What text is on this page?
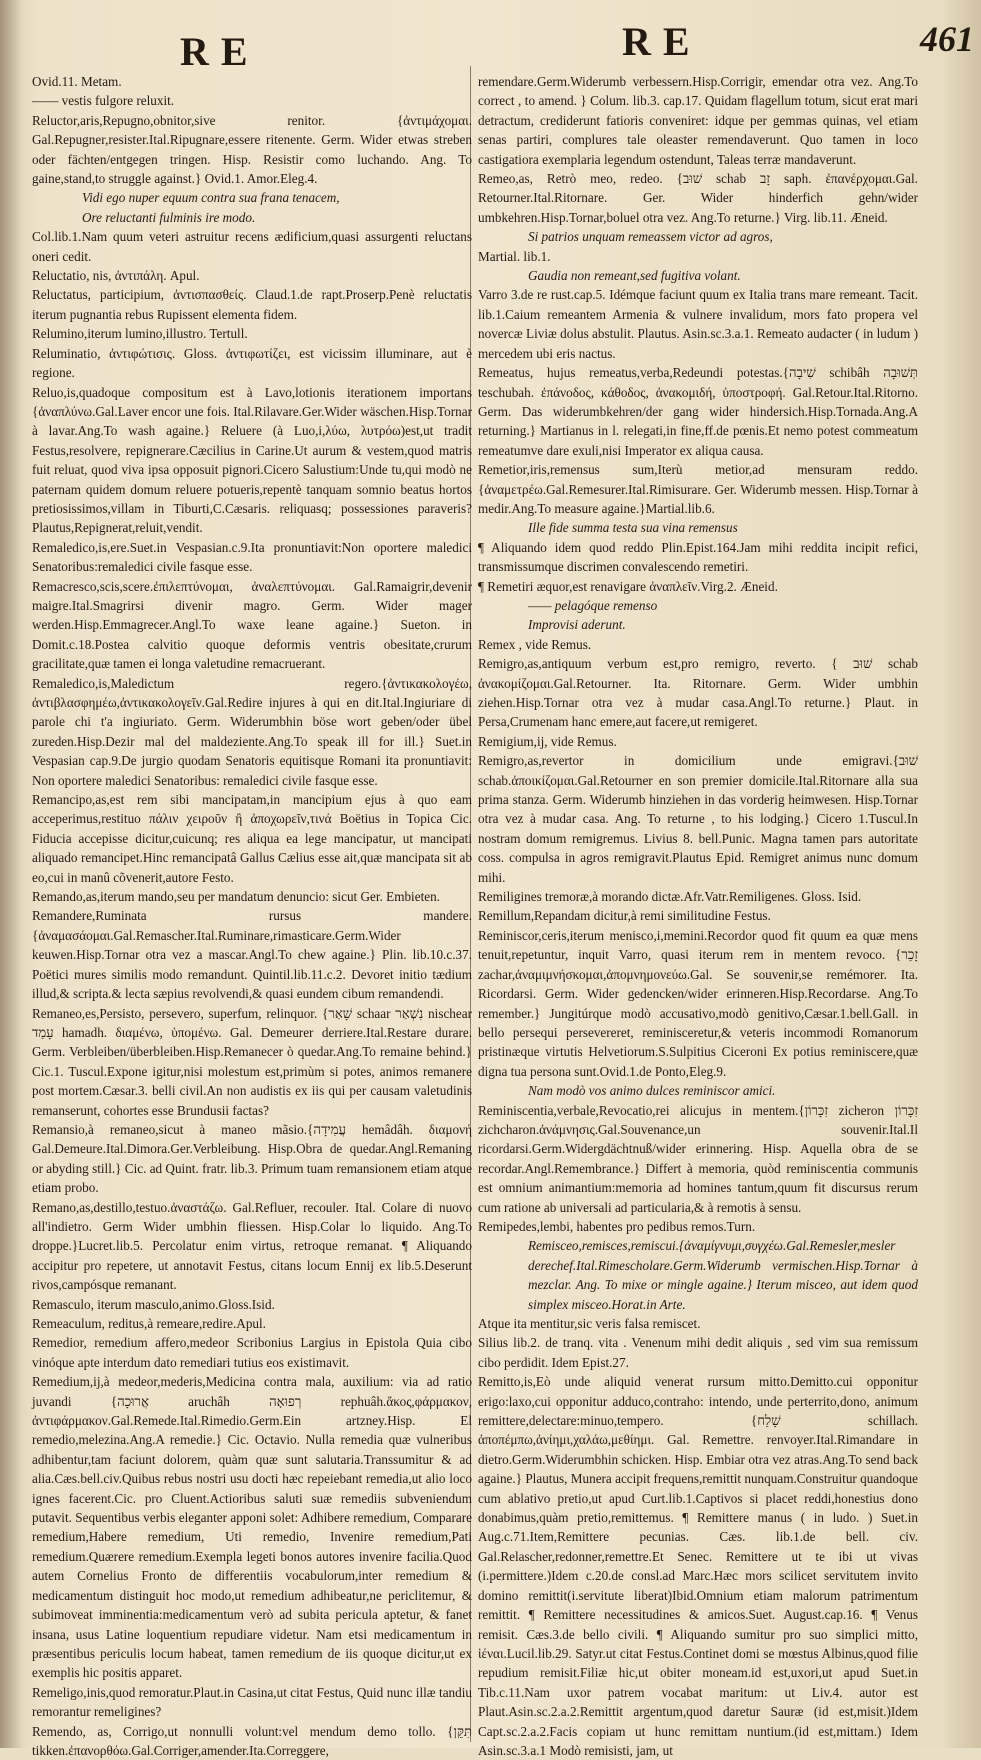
RE	RE	461

Ovid.11. Metam.

—— vestis fulgore reluxit.

Reluctor,aris,Repugno,obnitor,sive renitor. {ἀντιμάχομαι. Gal.Repugner,resister.Ital.Ripugnare,essere ritenente. Germ. Wider etwas streben oder fächten/entgegen tringen. Hisp. Resistir como luchando. Ang. To gaine,stand,to struggle against.} Ovid.1. Amor.Eleg.4.

Vidi ego nuper equum contra sua frana tenacem,

Ore reluctanti fulminis ire modo.

Col.lib.1.Nam quum veteri astruitur recens ædificium,quasi assurgenti reluctans oneri cedit.

Reluctatio, nis, ἀντιπάλη. Apul.

Reluctatus, participium, ἀντισπασθείς. Claud.1.de rapt.Proserp.Penè reluctatis iterum pugnantia rebus Rupissent elementa fidem.

Relumino,iterum lumino,illustro. Tertull.

Reluminatio, ἀντιφώτισις. Gloss. ἀντιφωτίζει, est vicissim illuminare, aut è regione.

Reluo,is,quadoque compositum est à Lavo,lotionis iterationem importans {ἀναπλύνω.Gal.Laver encor une fois. Ital.Rilavare.Ger.Wider wäschen.Hisp.Tornar à lavar.Ang.To wash againe.} Reluere (à Luo,i,λύω, λυτρόω)est,ut tradit Festus,resolvere, repignerare.Cæcilius in Carine.Ut aurum & vestem,quod matris fuit reluat, quod viva ipsa opposuit pignori.Cicero Salustium:Unde tu,qui modò ne paternam quidem domum reluere potueris,repentè tanquam somnio beatus hortos pretiosissimos,villam in Tiburti,C.Cæsaris. reliquasq; possessiones paraveris?Plautus,Repignerat,reluit,vendit.

Remaledico,is,ere.Suet.in Vespasian.c.9.Ita pronuntiavit:Non oportere maledici Senatoribus:remaledici civile fasque esse.

Remacresco,scis,scere.ἐπιλεπτύνομαι, ἀναλεπτύνομαι. Gal.Ramaigrir,devenir maigre.Ital.Smagrirsi divenir magro. Germ. Wider mager werden.Hisp.Emmagrecer.Angl.To waxe leane againe.} Sueton. in Domit.c.18.Postea calvitio quoque deformis ventris obesitate,crurum gracilitate,quæ tamen ei longa valetudine remacruerant.

Remaledico,is,Maledictum regero.{ἀντικακολογέω, ἀντιβλασφημέω,ἀντικακολογεῖν.Gal.Redire injures à qui en dit.Ital.Ingiuriare di parole chi t'a ingiuriato. Germ. Widerumbhin böse wort geben/oder übel zureden.Hisp.Dezir mal del maldeziente.Ang.To speak ill for ill.} Suet.in Vespasian cap.9.De jurgio quodam Senatoris equitisque Romani ita pronuntiavit: Non oportere maledici Senatoribus: remaledici civile fasque esse.

Remancipo,as,est rem sibi mancipatam,in mancipium ejus à quo eam acceperimus,restituo πάλιν χειροῦν ἢ ἀποχωρεῖν,τινά Boëtius in Topica Cic. Fiducia accepisse dicitur,cuicunq; res aliqua ea lege mancipatur, ut mancipati aliquado remancipet.Hinc remancipatâ Gallus Cælius esse ait,quæ mancipata sit ab eo,cui in manû cõvenerit,autore Festo.

Remando,as,iterum mando,seu per mandatum denuncio: sicut Ger. Embieten.

Remandere,Ruminata rursus mandere.{ἀναμασάομαι.Gal.Remascher.Ital.Ruminare,rimasticare.Germ.Wider keuwen.Hisp.Tornar otra vez a mascar.Angl.To chew againe.} Plin. lib.10.c.37. Poëtici mures similis modo remandunt. Quintil.lib.11.c.2. Devoret initio tædium illud,& scripta.& lecta sæpius revolvendi,& quasi eundem cibum remandendi.

Remaneo,es,Persisto, persevero, superfum, relinquor. {שָׁאַר schaar נִשְׁאַר nischear עָמַד hamadh. διαμένω, ὑπομένω. Gal. Demeurer derriere.Ital.Restare durare. Germ. Verbleiben/überbleiben.Hisp.Remanecer ò quedar.Ang.To remaine behind.} Cic.1. Tuscul.Expone igitur,nisi molestum est,primùm si potes, animos remanere post mortem.Cæsar.3. belli civil.An non audistis ex iis qui per causam valetudinis remanserunt, cohortes esse Brundusii factas?

Remansio,à remaneo,sicut à maneo mãsio.{עֲמִידָה hemâdâh. διαμονή Gal.Demeure.Ital.Dimora.Ger.Verbleibung. Hisp.Obra de quedar.Angl.Remaning or abyding still.} Cic. ad Quint. fratr. lib.3. Primum tuam remansionem etiam atque etiam probo.

Remano,as,destillo,testuo.ἀναστάζω. Gal.Refluer, recouler. Ital. Colare di nuovo all'indietro. Germ Wider umbhin fliessen. Hisp.Colar lo liquido. Ang.To droppe.}Lucret.lib.5. Percolatur enim virtus, retroque remanat. ¶ Aliquando accipitur pro repetere, ut annotavit Festus, citans locum Ennij ex lib.5.Deserunt rivos,campósque remanant.

Remasculo, iterum masculo,animo.Gloss.Isid.

Remeaculum, reditus,à remeare,redire.Apul.

Remedior, remedium affero,medeor Scribonius Largius in Epistola Quia cibo vinóque apte interdum dato remediari tutius eos existimavit.

Remedium,ij,à medeor,mederis,Medicina contra mala, auxilium: via ad ratio juvandi {אֲרוּכָה aruchâh רְפוּאָה rephuâh.ἄκος,φάρμακον, ἀντιφάρμακον.Gal.Remede.Ital.Rimedio.Germ.Ein artzney.Hisp. El remedio,melezina.Ang.A remedie.} Cic. Octavio. Nulla remedia quæ vulneribus adhibentur,tam faciunt dolorem, quàm quæ sunt salutaria.Transsumitur & ad alia.Cæs.bell.civ.Quibus rebus nostri usu docti hæc repeiebant remedia,ut alio loco ignes facerent.Cic. pro Cluent.Actioribus saluti suæ remediis subveniendum putavit. Sequentibus verbis eleganter apponi solet: Adhibere remedium, Comparare remedium,Habere remedium, Uti remedio, Invenire remedium,Pati remedium.Quærere remedium.Exempla legeti bonos autores invenire facilia.Quod autem Cornelius Fronto de differentiis vocabulorum,inter remedium & medicamentum distinguit hoc modo,ut remedium adhibeatur,ne periclitemur, & subimoveat imminentia:medicamentum verò ad subita pericula aptetur, & fanet insana, usus Latine loquentium repudiare videtur. Nam etsi medicamentum in præsentibus periculis locum habeat, tamen remedium de iis quoque dicitur,ut ex exemplis hic positis apparet.

Remeligo,inis,quod remoratur.Plaut.in Casina,ut citat Festus, Quid nunc illæ tandiu remorantur remeligines?

Remendo, as, Corrigo,ut nonnulli volunt:vel mendum demo tollo. {תִּקֵּן tikken.ἐπανορθόω.Gal.Corriger,amender.Ita.Correggere,

remendare.Germ.Widerumb verbessern.Hisp.Corrigir, emendar otra vez. Ang.To correct , to amend. } Colum. lib.3. cap.17. Quidam flagellum totum, sicut erat mari detractum, crediderunt fatioris conveniret: idque per gemmas quinas, vel etiam senas partiri, complures tale oleaster remendaverunt. Quo tamen in loco castigatiora exemplaria legendum ostendunt, Taleas terræ mandaverunt.

Remeo,as, Retrò meo, redeo. {שׁוּב schab זָב saph. ἐπανέρχομαι.Gal. Retourner.Ital.Ritornare. Ger. Wider hinderfich gehn/wider umbkehren.Hisp.Tornar,boluel otra vez. Ang.To returne.} Virg. lib.11. Æneid.

Si patrios unquam remeassem victor ad agros,

Martial. lib.1.

Gaudia non remeant,sed fugitiva volant.

Varro 3.de re rust.cap.5. Idémque faciunt quum ex Italia trans mare remeant. Tacit. lib.1.Caium remeantem Armenia & vulnere invalidum, mors fato propera vel novercæ Liviæ dolus abstulit. Plautus. Asin.sc.3.a.1. Remeato audacter ( in ludum ) mercedem ubi eris nactus.

Remeatus, hujus remeatus,verba,Redeundi potestas.{שִׁיבָה schibâh תְּשׁוּבָה teschubah. ἐπάνοδος, κάθοδος, ἀνακομιδή, ὑποστροφή. Gal.Retour.Ital.Ritorno. Germ. Das widerumbkehren/der gang wider hindersich.Hisp.Tornada.Ang.A returning.} Martianus in l. relegati,in fine,ff.de pœnis.Et nemo potest commeatum remeatumve dare exuli,nisi Imperator ex aliqua causa.

Remetior,iris,remensus sum,Iterù metior,ad mensuram reddo. {ἀναμετρέω.Gal.Remesurer.Ital.Rimisurare. Ger. Widerumb messen. Hisp.Tornar à medir.Ang.To measure againe.}Martial.lib.6.

Ille fide summa testa sua vina remensus

¶ Aliquando idem quod reddo Plin.Epist.164.Jam mihi reddita incipit refici, transmissumque discrimen convalescendo remetiri.

¶ Remetiri æquor,est renavigare ἀναπλεῖν.Virg.2. Æneid.

—— pelagóque remenso

Improvisi aderunt.

Remex , vide Remus.

Remigro,as,antiquum verbum est,pro remigro, reverto. { שׁוּב schab ἀνακομίζομαι.Gal.Retourner. Ita. Ritornare. Germ. Wider umbhin ziehen.Hisp.Tornar otra vez à mudar casa.Angl.To returne.} Plaut. in Persa,Crumenam hanc emere,aut facere,ut remigeret.

Remigium,ij, vide Remus.

Remigro,as,revertor in domicilium unde emigravi.{שׁוּב schab.ἀποικίζομαι.Gal.Retourner en son premier domicile.Ital.Ritornare alla sua prima stanza. Germ. Widerumb hinziehen in das vorderig heimwesen. Hisp.Tornar otra vez à mudar casa. Ang. To returne , to his lodging.} Cicero 1.Tuscul.In nostram domum remigremus. Livius 8. bell.Punic. Magna tamen pars autoritate coss. compulsa in agros remigravit.Plautus Epid. Remigret animus nunc domum mihi.

Remiligines tremoræ,à morando dictæ.Afr.Vatr.Remiligenes. Gloss. Isid.

Remillum,Repandam dicitur,à remi similitudine Festus.

Reminiscor,ceris,iterum menisco,i,memini.Recordor quod fit quum ea quæ mens tenuit,repetuntur, inquit Varro, quasi iterum rem in mentem revoco. {זָכַר zachar,ἀναμιμνήσκομαι,ἀπομνημονεύω.Gal. Se souvenir,se remémorer. Ita. Ricordarsi. Germ. Wider gedencken/wider erinneren.Hisp.Recordarse. Ang.To remember.} Jungitúrque modò accusativo,modò genitivo,Cæsar.1.bell.Gall. in bello persequi persevereret, reminisceretur,& veteris incommodi Romanorum pristinæque virtutis Helvetiorum.S.Sulpitius Ciceroni Ex potius reminiscere,quæ digna tua persona sunt.Ovid.1.de Ponto,Eleg.9.

Nam modò vos animo dulces reminiscor amici.

Reminiscentia,verbale,Revocatio,rei alicujus in mentem.{זִכָּרוֹן zicheron זִכָּרוֹן zichcharon.ἀνάμνησις.Gal.Souvenance,un souvenir.Ital.Il ricordarsi.Germ.Widergdächtnuß/wider erinnering. Hisp. Aquella obra de se recordar.Angl.Remembrance.} Differt à memoria, quòd reminiscentia communis est omnium animantium:memoria ad homines tantum,quum fit discursus rerum cum ratione ab universali ad particularia,& à remotis à sensu.

Remipedes,lembi, habentes pro pedibus remos.Turn.

Remisceo,remisces,remiscui.{ἀναμίγνυμι,συγχέω.Gal.Remesler,mesler derechef.Ital.Rimescholare.Germ.Widerumb vermischen.Hisp.Tornar à mezclar. Ang. To mixe or mingle againe.} Iterum misceo, aut idem quod simplex misceo.Horat.in Arte.

Atque ita mentitur,sic veris falsa remiscet.

Silius lib.2. de tranq. vita . Venenum mihi dedit aliquis , sed vim sua remissum cibo perdidit. Idem Epist.27.

Remitto,is,Eò unde aliquid venerat rursum mitto.Demitto.cui opponitur erigo:laxo,cui opponitur adduco,contraho: intendo, unde perterrito,dono, animum remittere,delectare:minuo,tempero. {שָׁלַח schillach. ἀποπέμπω,ἀνίημι,χαλάω,μεθίημι. Gal. Remettre. renvoyer.Ital.Rimandare in dietro.Germ.Widerumbhin schicken. Hisp. Embiar otra vez atras.Ang.To send back againe.} Plautus, Munera accipit frequens,remittit nunquam.Construitur quandoque cum ablativo pretio,ut apud Curt.lib.1.Captivos si placet reddi,honestius dono donabimus,quàm pretio,remittemus. ¶ Remittere manus ( in ludo. ) Suet.in Aug.c.71.Item,Remittere pecunias. Cæs. lib.1.de bell. civ. Gal.Relascher,redonner,remettre.Et Senec. Remittere ut te ibi ut vivas (i.permittere.)Idem c.20.de consl.ad Marc.Hæc mors scilicet servitutem invito domino remittit(i.servitute liberat)Ibid.Omnium etiam malorum patrimentum remittit. ¶ Remittere necessitudines & amicos.Suet. August.cap.16. ¶ Venus remisit. Cæs.3.de bello civili. ¶ Aliquando sumitur pro suo simplici mitto, ἱέναι.Lucil.lib.29. Satyr.ut citat Festus.Continet domi se mœstus Albinus,quod filie repudium remisit.Filiæ hic,ut obiter moneam.id est,uxori,ut apud Suet.in Tib.c.11.Nam uxor patrem vocabat maritum: ut Liv.4. autor est Plaut.Asin.sc.2.a.2.Remittit argentum,quod daretur Sauræ (id est,misit.)Idem Capt.sc.2.a.2.Facis copiam ut hunc remittam nuntium.(id est,mittam.) Idem Asin.sc.3.a.1 Modò remisisti, jam, ut
